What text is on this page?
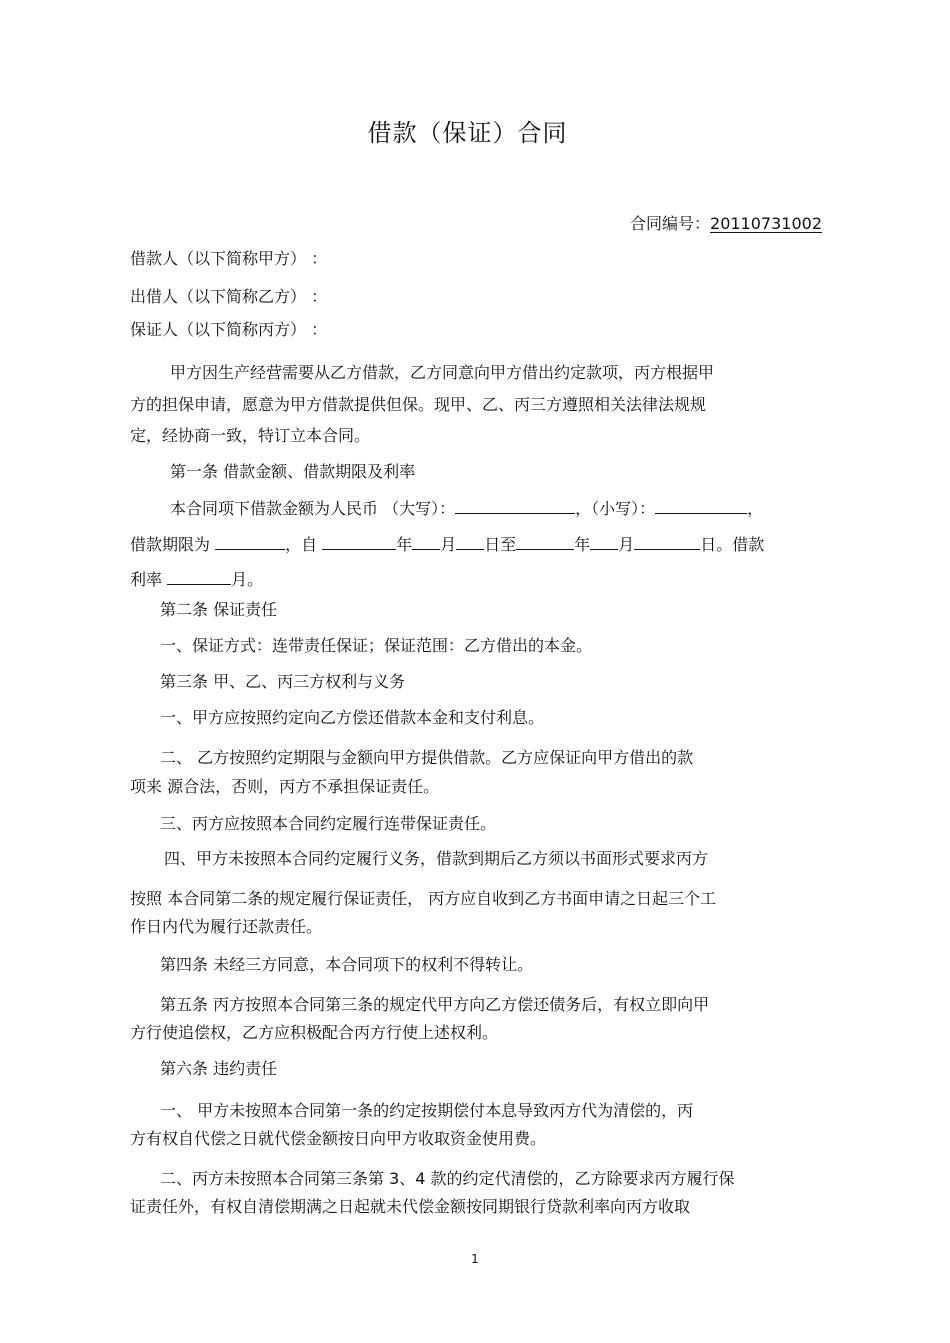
借款（保证）合同
合同编号：20110731002
借款人（以下简称甲方） ：
出借人（以下简称乙方） ：
保证人（以下简称丙方） ：
甲方因生产经营需要从乙方借款，乙方同意向甲方借出约定款项，丙方根据甲
方的担保申请，愿意为甲方借款提供但保。现甲、乙、丙三方遵照相关法律法规规
定，经协商一致，特订立本合同。
第一条 借款金额、借款期限及利率
本合同项下借款金额为人民币 （大写）：	，（小写）：	，
借款期限为	，自	年 月 日至	年 月	日。借款
利率	月。
第二条 保证责任
一、保证方式：连带责任保证；保证范围：乙方借出的本金。
第三条 甲、乙、丙三方权利与义务
一、甲方应按照约定向乙方偿还借款本金和支付利息。
二、 乙方按照约定期限与金额向甲方提供借款。乙方应保证向甲方借出的款
项来 源合法，否则，丙方不承担保证责任。
三、丙方应按照本合同约定履行连带保证责任。
四、甲方未按照本合同约定履行义务，借款到期后乙方须以书面形式要求丙方
按照 本合同第二条的规定履行保证责任， 丙方应自收到乙方书面申请之日起三个工
作日内代为履行还款责任。
第四条 未经三方同意，本合同项下的权利不得转让。
第五条 丙方按照本合同第三条的规定代甲方向乙方偿还债务后，有权立即向甲
方行使追偿权，乙方应积极配合丙方行使上述权利。
第六条 违约责任
一、 甲方未按照本合同第一条的约定按期偿付本息导致丙方代为清偿的，丙
方有权自代偿之日就代偿金额按日向甲方收取资金使用费。
二、丙方未按照本合同第三条第 3、4 款的约定代清偿的，乙方除要求丙方履行保
证责任外，有权自清偿期满之日起就未代偿金额按同期银行贷款利率向丙方收取
1
